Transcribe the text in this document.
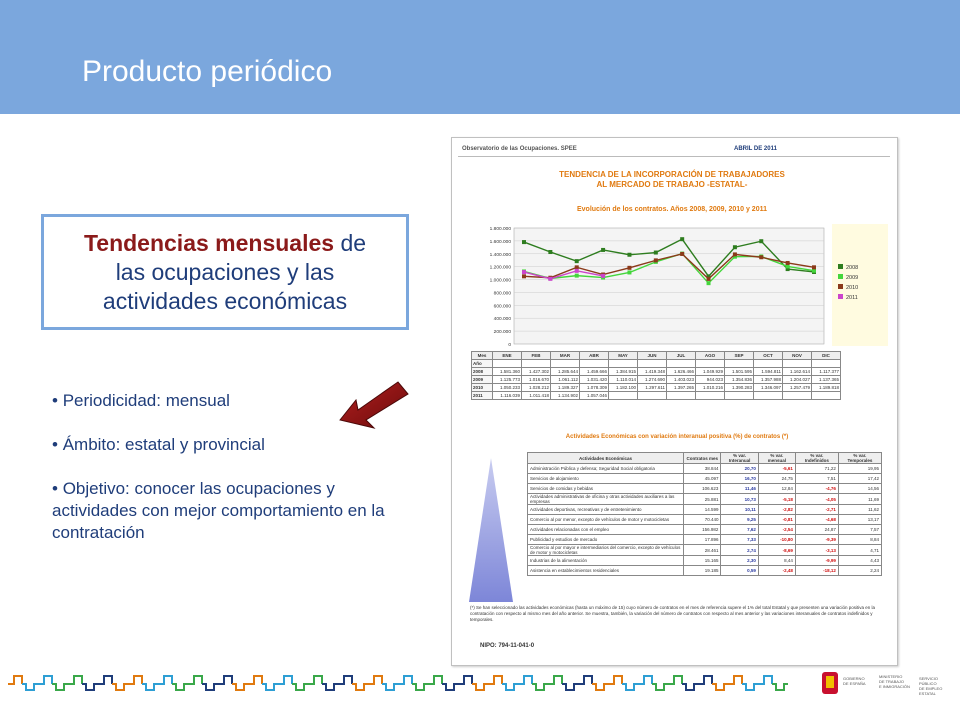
Producto periódico
Tendencias mensuales de
las ocupaciones y las
actividades económicas

• Periodicidad: mensual

• Ámbito: estatal y provincial

• Objetivo: conocer las ocupaciones y actividades con mejor comportamiento en la contratación

Observatorio de las Ocupaciones. SPEE	ABRIL DE 2011
TENDENCIA DE LA INCORPORACIÓN DE TRABAJADORES
AL MERCADO DE TRABAJO -ESTATAL-
Evolución de los contratos. Años 2008, 2009, 2010 y 2011
0
200.000
400.000
600.000
800.000
1.000.000
1.200.000
1.400.000
1.600.000
1.800.000
2008
2009
2010
2011
Mes	ENE	FEB	MAR	ABR	MAY	JUN	JUL	AGO	SEP	OCT	NOV	DIC
Año												
2008	1.581.360	1.427.302	1.285.644	1.459.666	1.384.915	1.419.348	1.626.466	1.049.929	1.501.595	1.594.811	1.162.614	1.117.377
2009	1.125.773	1.016.670	1.061.112	1.031.420	1.110.014	1.274.690	1.403.023	944.023	1.354.836	1.357.988	1.204.027	1.137.365
2010	1.050.233	1.028.212	1.189.327	1.078.309	1.182.100	1.297.611	1.397.265	1.010.216	1.390.283	1.346.097	1.257.479	1.189.818
2011	1.116.039	1.011.418	1.134.902	1.057.046								
Actividades Económicas con variación interanual positiva (%) de contratos (*)
Actividades Económicas	Contratos mes	% var. Interanual	% var. mensual	% var. Indefinidos	% var. Temporales
Administración Pública y defensa; Seguridad Social obligatoria	38.844	20,70	-5,61	71,22	19,95
Servicios de alojamiento	45.097	16,70	24,75	7,51	17,42
Servicios de comidas y bebidas	106.623	11,46	12,84	-4,76	14,56
Actividades administrativas de oficina y otras actividades auxiliares a las empresas	25.881	10,73	-5,18	-4,05	11,69
Actividades deportivas, recreativas y de entretenimiento	14.599	10,11	-2,82	-2,71	11,62
Comercio al por menor, excepto de vehículos de motor y motocicletas	70.440	9,25	-0,81	-4,68	13,17
Actividades relacionadas con el empleo	156.982	7,62	-2,54	24,87	7,57
Publicidad y estudios de mercado	17.896	7,33	-10,80	-9,39	8,84
Comercio al por mayor e intermediarios del comercio, excepto de vehículos de motor y motocicletas	28.461	2,74	-8,69	-3,13	4,71
Industrias de la alimentación	15.165	2,30	8,44	-9,99	4,43
Asistencia en establecimientos residenciales	19.185	0,59	-2,48	-18,12	2,24
(*) Se han seleccionado las actividades económicas (hasta un máximo de 15) cuyo número de contratos en el mes de referencia supere el 1% del total Estatal y que presenten una variación positiva en la contratación con respecto al mismo mes del año anterior. Se muestra, también, la variación del número de contratos con respecto al mes anterior y las variaciones interanuales de contratos indefinidos y temporales.
NIPO: 794-11-041-0
GOBIERNO
DE ESPAÑA
MINISTERIO
DE TRABAJO
E INMIGRACIÓN
SERVICIO PÚBLICO
DE EMPLEO ESTATAL
